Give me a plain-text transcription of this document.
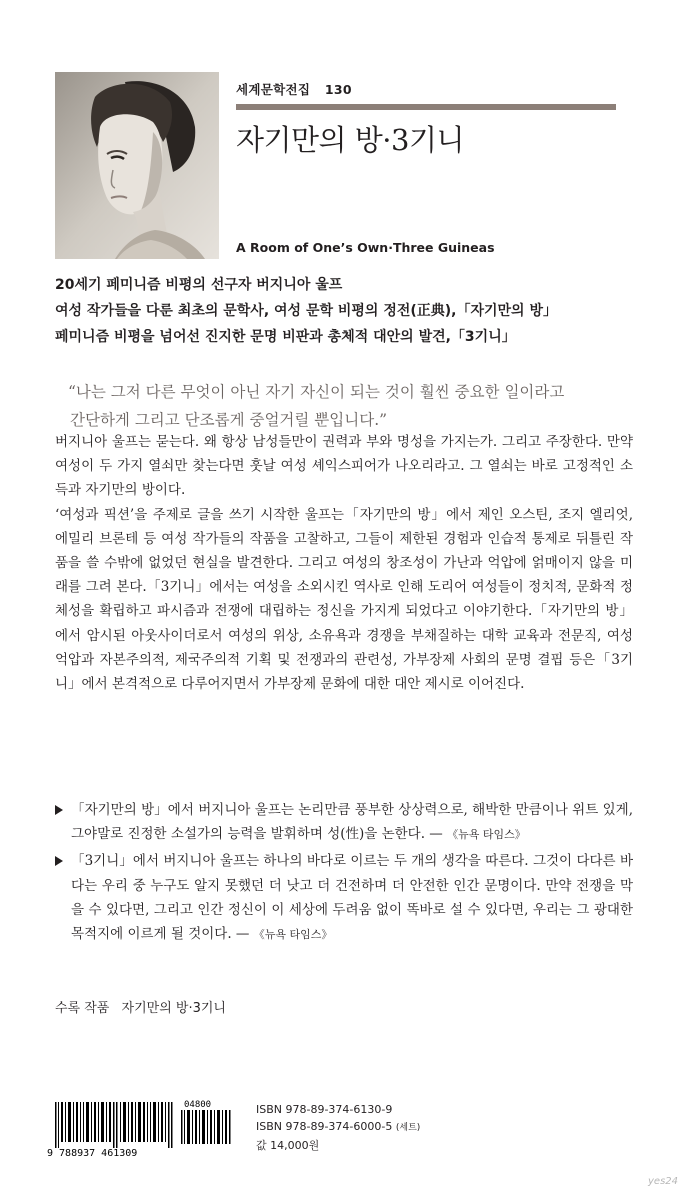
세계문학전집 130
자기만의 방·3기니
A Room of One’s Own·Three Guineas
20세기 페미니즘 비평의 선구자 버지니아 울프
여성 작가들을 다룬 최초의 문학사, 여성 문학 비평의 정전(正典),「자기만의 방」
페미니즘 비평을 넘어선 진지한 문명 비판과 총체적 대안의 발견,「3기니」
“나는 그저 다른 무엇이 아닌 자기 자신이 되는 것이 훨씬 중요한 일이라고
간단하게 그리고 단조롭게 중얼거릴 뿐입니다.”

버지니아 울프는 묻는다. 왜 항상 남성들만이 권력과 부와 명성을 가지는가. 그리고 주장한다. 만약 여성이 두 가지 열쇠만 찾는다면 훗날 여성 셰익스피어가 나오리라고. 그 열쇠는 바로 고정적인 소득과 자기만의 방이다.

‘여성과 픽션’을 주제로 글을 쓰기 시작한 울프는「자기만의 방」에서 제인 오스틴, 조지 엘리엇, 에밀리 브론테 등 여성 작가들의 작품을 고찰하고, 그들이 제한된 경험과 인습적 통제로 뒤틀린 작품을 쓸 수밖에 없었던 현실을 발견한다. 그리고 여성의 창조성이 가난과 억압에 얽매이지 않을 미래를 그려 본다.「3기니」에서는 여성을 소외시킨 역사로 인해 도리어 여성들이 정치적, 문화적 정체성을 확립하고 파시즘과 전쟁에 대립하는 정신을 가지게 되었다고 이야기한다.「자기만의 방」에서 암시된 아웃사이더로서 여성의 위상, 소유욕과 경쟁을 부채질하는 대학 교육과 전문직, 여성 억압과 자본주의적, 제국주의적 기획 및 전쟁과의 관련성, 가부장제 사회의 문명 결핍 등은「3기니」에서 본격적으로 다루어지면서 가부장제 문화에 대한 대안 제시로 이어진다.

「자기만의 방」에서 버지니아 울프는 논리만큼 풍부한 상상력으로, 해박한 만큼이나 위트 있게, 그야말로 진정한 소설가의 능력을 발휘하며 성(性)을 논한다. — 《뉴욕 타임스》
「3기니」에서 버지니아 울프는 하나의 바다로 이르는 두 개의 생각을 따른다. 그것이 다다른 바다는 우리 중 누구도 알지 못했던 더 낫고 더 건전하며 더 안전한 인간 문명이다. 만약 전쟁을 막을 수 있다면, 그리고 인간 정신이 이 세상에 두려움 없이 똑바로 설 수 있다면, 우리는 그 광대한 목적지에 이르게 될 것이다. — 《뉴욕 타임스》
수록 작품 자기만의 방·3기니
9 788937 461309
04800	ISBN 978-89-374-6130-9
ISBN 978-89-374-6000-5 (세트)
값 14,000원
yes24
